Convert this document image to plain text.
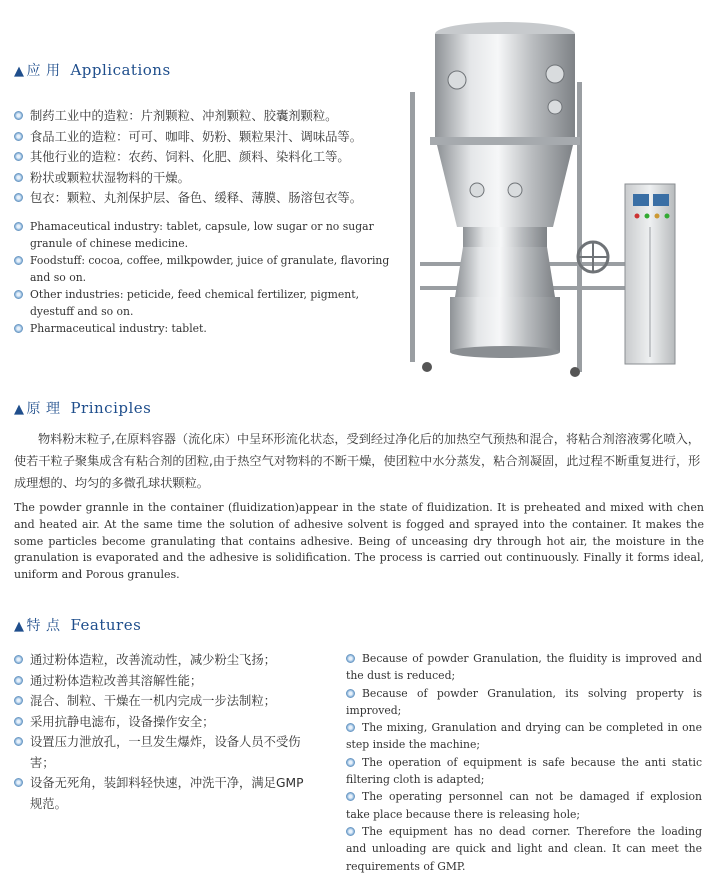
▲ 应 用 Applications
制药工业中的造粒：片剂颗粒、冲剂颗粒、胶囊剂颗粒。
食品工业的造粒：可可、咖啡、奶粉、颗粒果汁、调味品等。
其他行业的造粒：农药、饲料、化肥、颜料、染料化工等。
粉状或颗粒状湿物料的干燥。
包衣：颗粒、丸剂保护层、备色、缓释、薄膜、肠溶包衣等。
Phamaceutical industry: tablet, capsule, low sugar or no sugar granule of chinese medicine.
Foodstuff: cocoa, coffee, milkpowder, juice of granulate, flavoring and so on.
Other industries: peticide, feed chemical fertilizer, pigment, dyestuff and so on.
Pharmaceutical industry: tablet.
▲ 原 理 Principles

物料粉末粒子,在原料容器（流化床）中呈环形流化状态，受到经过净化后的加热空气预热和混合，将粘合剂溶液雾化喷入，使若干粒子聚集成含有粘合剂的团粒,由于热空气对物料的不断干燥，使团粒中水分蒸发，粘合剂凝固，此过程不断重复进行，形成理想的、均匀的多微孔球状颗粒。

The powder grannle in the container (fluidization)appear in the state of fluidization. It is preheated and mixed with chen and heated air. At the same time the solution of adhesive solvent is fogged and sprayed into the container. It makes the some particles become granulating that contains adhesive. Being of unceasing dry through hot air, the moisture in the granulation is evaporated and the adhesive is solidification. The process is carried out continuously. Finally it forms ideal, uniform and Porous granules.

▲ 特 点 Features
通过粉体造粒，改善流动性，减少粉尘飞扬；
通过粉体造粒改善其溶解性能；
混合、制粒、干燥在一机内完成一步法制粒；
采用抗静电滤布，设备操作安全；
设置压力泄放孔，一旦发生爆炸，设备人员不受伤害；
设备无死角，装卸料轻快速，冲洗干净，满足GMP规范。
Because of powder Granulation, the fluidity is improved and the dust is reduced;
Because of powder Granulation, its solving property is improved;
The mixing, Granulation and drying can be completed in one step inside the machine;
The operation of equipment is safe because the anti static filtering cloth is adapted;
The operating personnel can not be damaged if explosion take place because there is releasing hole;
The equipment has no dead corner. Therefore the loading and unloading are quick and light and clean. It can meet the requirements of GMP.
